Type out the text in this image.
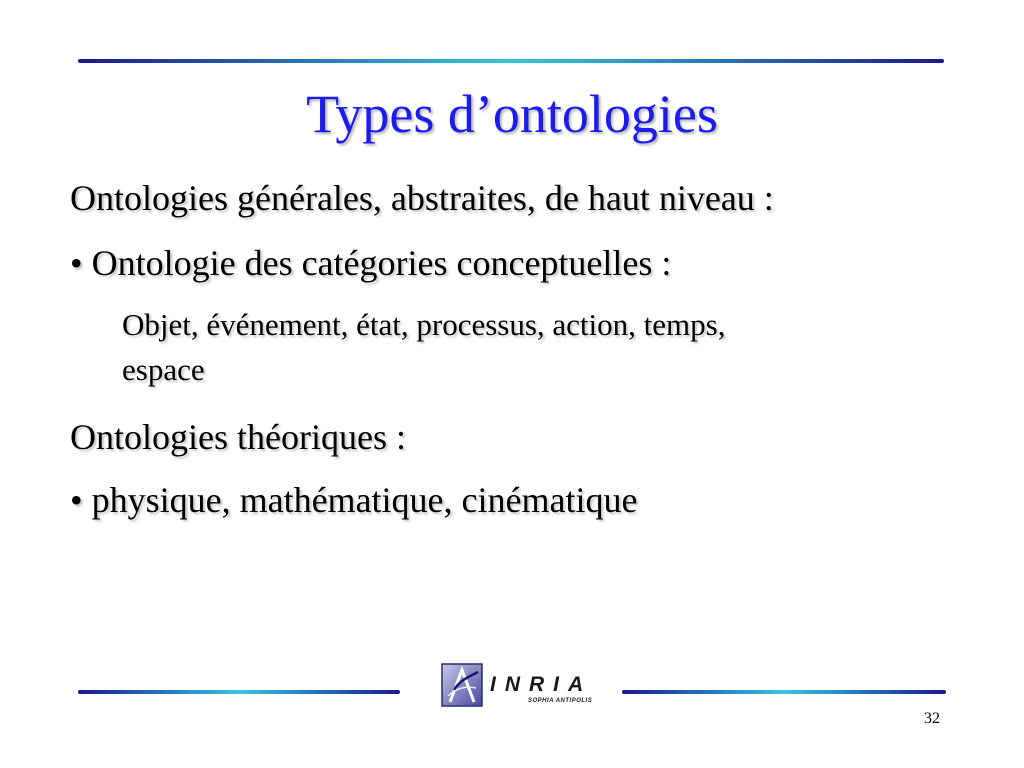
Types d’ontologies
Ontologies générales, abstraites, de haut niveau :
• Ontologie des catégories conceptuelles :
Objet, événement, état, processus, action, temps,
espace
Ontologies théoriques :
• physique, mathématique, cinématique
INRIA
SOPHIA ANTIPOLIS
32
